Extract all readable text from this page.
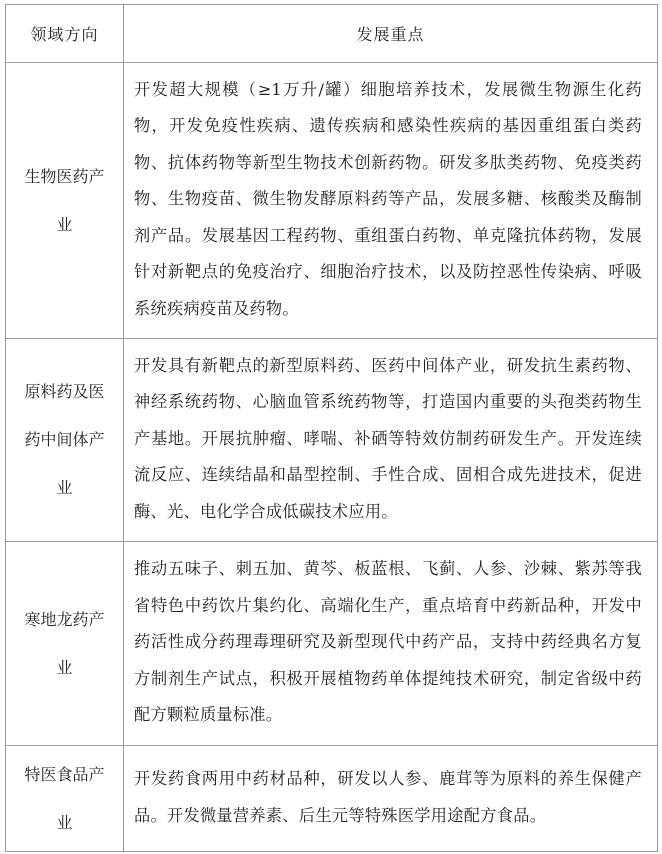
领域方向	发展重点
生物医药产业	开发超大规模（≥1万升/罐）细胞培养技术，发展微生物源生化药物，开发免疫性疾病、遗传疾病和感染性疾病的基因重组蛋白类药物、抗体药物等新型生物技术创新药物。研发多肽类药物、免疫类药物、生物疫苗、微生物发酵原料药等产品，发展多糖、核酸类及酶制剂产品。发展基因工程药物、重组蛋白药物、单克隆抗体药物，发展针对新靶点的免疫治疗、细胞治疗技术，以及防控恶性传染病、呼吸系统疾病疫苗及药物。
原料药及医药中间体产业	开发具有新靶点的新型原料药、医药中间体产业，研发抗生素药物、神经系统药物、心脑血管系统药物等，打造国内重要的头孢类药物生产基地。开展抗肿瘤、哮喘、补硒等特效仿制药研发生产。开发连续流反应、连续结晶和晶型控制、手性合成、固相合成先进技术，促进酶、光、电化学合成低碳技术应用。
寒地龙药产业	推动五味子、刺五加、黄芩、板蓝根、飞蓟、人参、沙棘、紫苏等我省特色中药饮片集约化、高端化生产，重点培育中药新品种，开发中药活性成分药理毒理研究及新型现代中药产品，支持中药经典名方复方制剂生产试点，积极开展植物药单体提纯技术研究，制定省级中药配方颗粒质量标准。
特医食品产业	开发药食两用中药材品种，研发以人参、鹿茸等为原料的养生保健产品。开发微量营养素、后生元等特殊医学用途配方食品。
